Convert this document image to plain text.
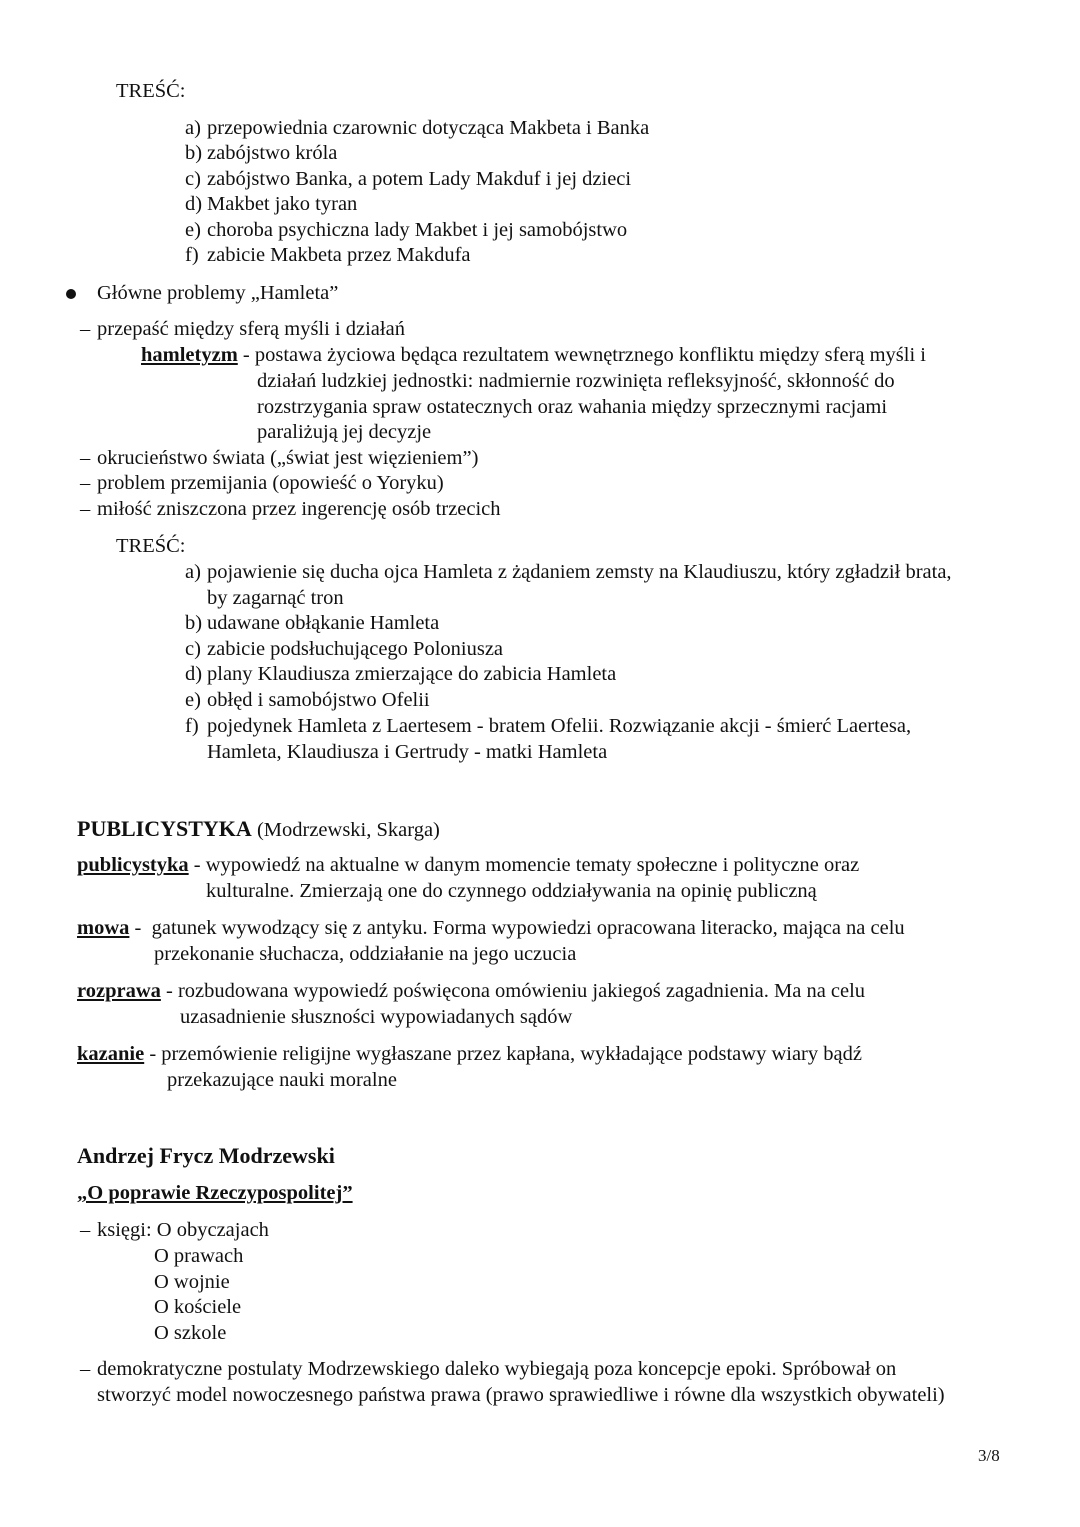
TREŚĆ:
a) przepowiednia czarownic dotycząca Makbeta i Banka
b) zabójstwo króla
c) zabójstwo Banka, a potem Lady Makduf i jej dzieci
d) Makbet jako tyran
e) choroba psychiczna lady Makbet i jej samobójstwo
f) zabicie Makbeta przez Makdufa
Główne problemy „Hamleta”
– przepaść między sferą myśli i działań
hamletyzm - postawa życiowa będąca rezultatem wewnętrznego konfliktu między sferą myśli i
działań ludzkiej jednostki: nadmiernie rozwinięta refleksyjność, skłonność do
rozstrzygania spraw ostatecznych oraz wahania między sprzecznymi racjami
paraliżują jej decyzje
– okrucieństwo świata („świat jest więzieniem”)
– problem przemijania (opowieść o Yoryku)
– miłość zniszczona przez ingerencję osób trzecich
TREŚĆ:
a) pojawienie się ducha ojca Hamleta z żądaniem zemsty na Klaudiuszu, który zgładził brata,
by zagarnąć tron
b) udawane obłąkanie Hamleta
c) zabicie podsłuchującego Poloniusza
d) plany Klaudiusza zmierzające do zabicia Hamleta
e) obłęd i samobójstwo Ofelii
f) pojedynek Hamleta z Laertesem - bratem Ofelii. Rozwiązanie akcji - śmierć Laertesa,
Hamleta, Klaudiusza i Gertrudy - matki Hamleta
PUBLICYSTYKA (Modrzewski, Skarga)
publicystyka - wypowiedź na aktualne w danym momencie tematy społeczne i polityczne oraz
kulturalne. Zmierzają one do czynnego oddziaływania na opinię publiczną
mowa -  gatunek wywodzący się z antyku. Forma wypowiedzi opracowana literacko, mająca na celu
przekonanie słuchacza, oddziałanie na jego uczucia
rozprawa - rozbudowana wypowiedź poświęcona omówieniu jakiegoś zagadnienia. Ma na celu
uzasadnienie słuszności wypowiadanych sądów
kazanie - przemówienie religijne wygłaszane przez kapłana, wykładające podstawy wiary bądź
przekazujące nauki moralne
Andrzej Frycz Modrzewski
„O poprawie Rzeczypospolitej”
– księgi: O obyczajach
O prawach
O wojnie
O kościele
O szkole
– demokratyczne postulaty Modrzewskiego daleko wybiegają poza koncepcje epoki. Spróbował on
stworzyć model nowoczesnego państwa prawa (prawo sprawiedliwe i równe dla wszystkich obywateli)
3/8
